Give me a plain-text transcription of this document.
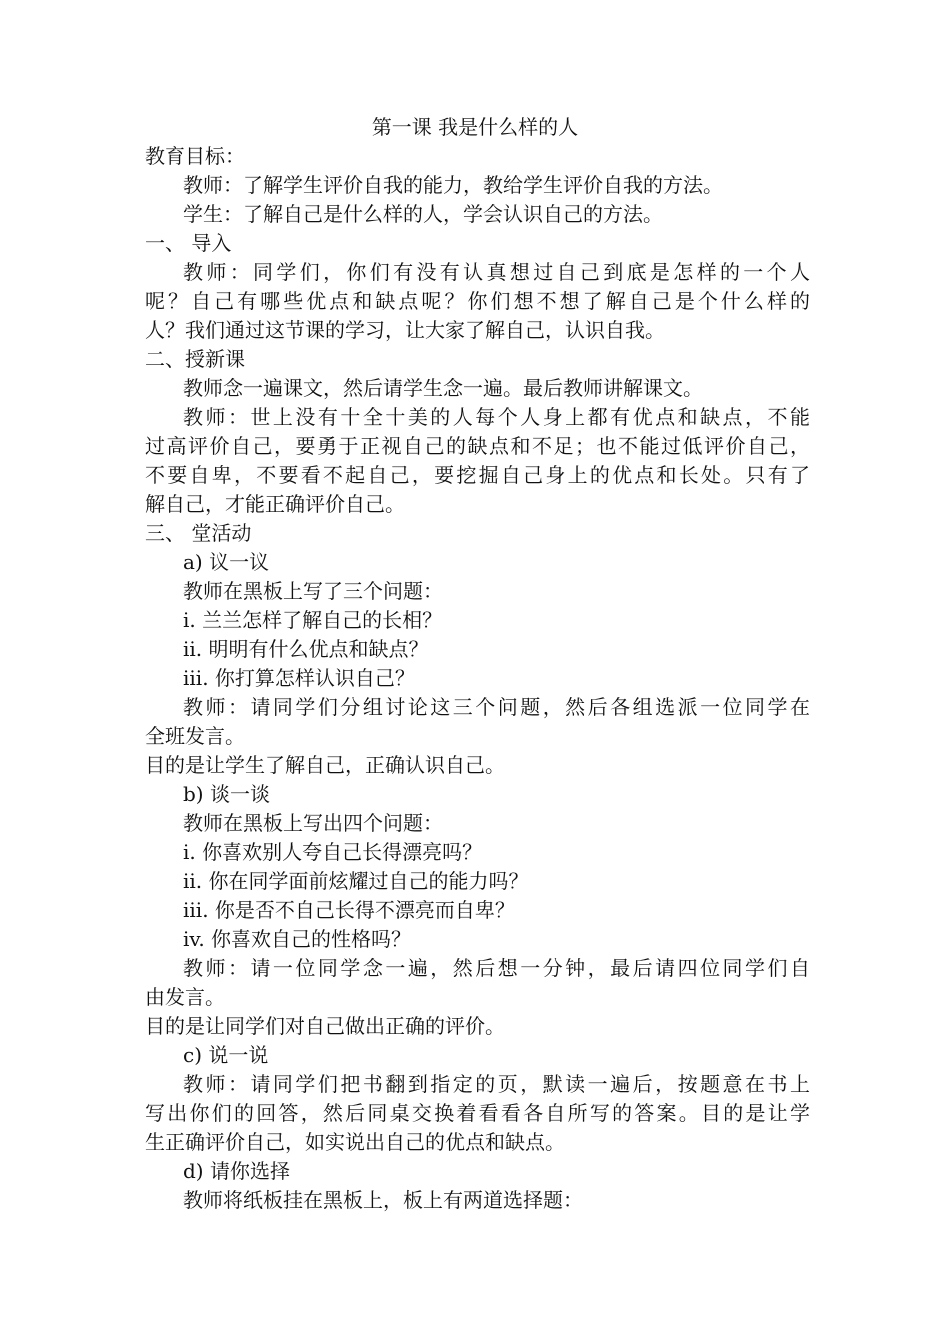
第一课 我是什么样的人
教育目标：
教师：了解学生评价自我的能力，教给学生评价自我的方法。
学生：了解自己是什么样的人，学会认识自己的方法。
一、 导入
教师：同学们，你们有没有认真想过自己到底是怎样的一个人
呢？自己有哪些优点和缺点呢？你们想不想了解自己是个什么样的
人？我们通过这节课的学习，让大家了解自己，认识自我。
二、授新课
教师念一遍课文，然后请学生念一遍。最后教师讲解课文。
教师：世上没有十全十美的人每个人身上都有优点和缺点，不能
过高评价自己，要勇于正视自己的缺点和不足；也不能过低评价自己，
不要自卑，不要看不起自己，要挖掘自己身上的优点和长处。只有了
解自己，才能正确评价自己。
三、 堂活动
a) 议一议
教师在黑板上写了三个问题：
i. 兰兰怎样了解自己的长相？
ii. 明明有什么优点和缺点？
iii. 你打算怎样认识自己？
教师：请同学们分组讨论这三个问题，然后各组选派一位同学在
全班发言。
目的是让学生了解自己，正确认识自己。
b) 谈一谈
教师在黑板上写出四个问题：
i. 你喜欢别人夸自己长得漂亮吗？
ii. 你在同学面前炫耀过自己的能力吗？
iii. 你是否不自己长得不漂亮而自卑？
iv. 你喜欢自己的性格吗？
教师：请一位同学念一遍，然后想一分钟，最后请四位同学们自
由发言。
目的是让同学们对自己做出正确的评价。
c) 说一说
教师：请同学们把书翻到指定的页，默读一遍后，按题意在书上
写出你们的回答，然后同桌交换着看看各自所写的答案。目的是让学
生正确评价自己，如实说出自己的优点和缺点。
d) 请你选择
教师将纸板挂在黑板上，板上有两道选择题：
